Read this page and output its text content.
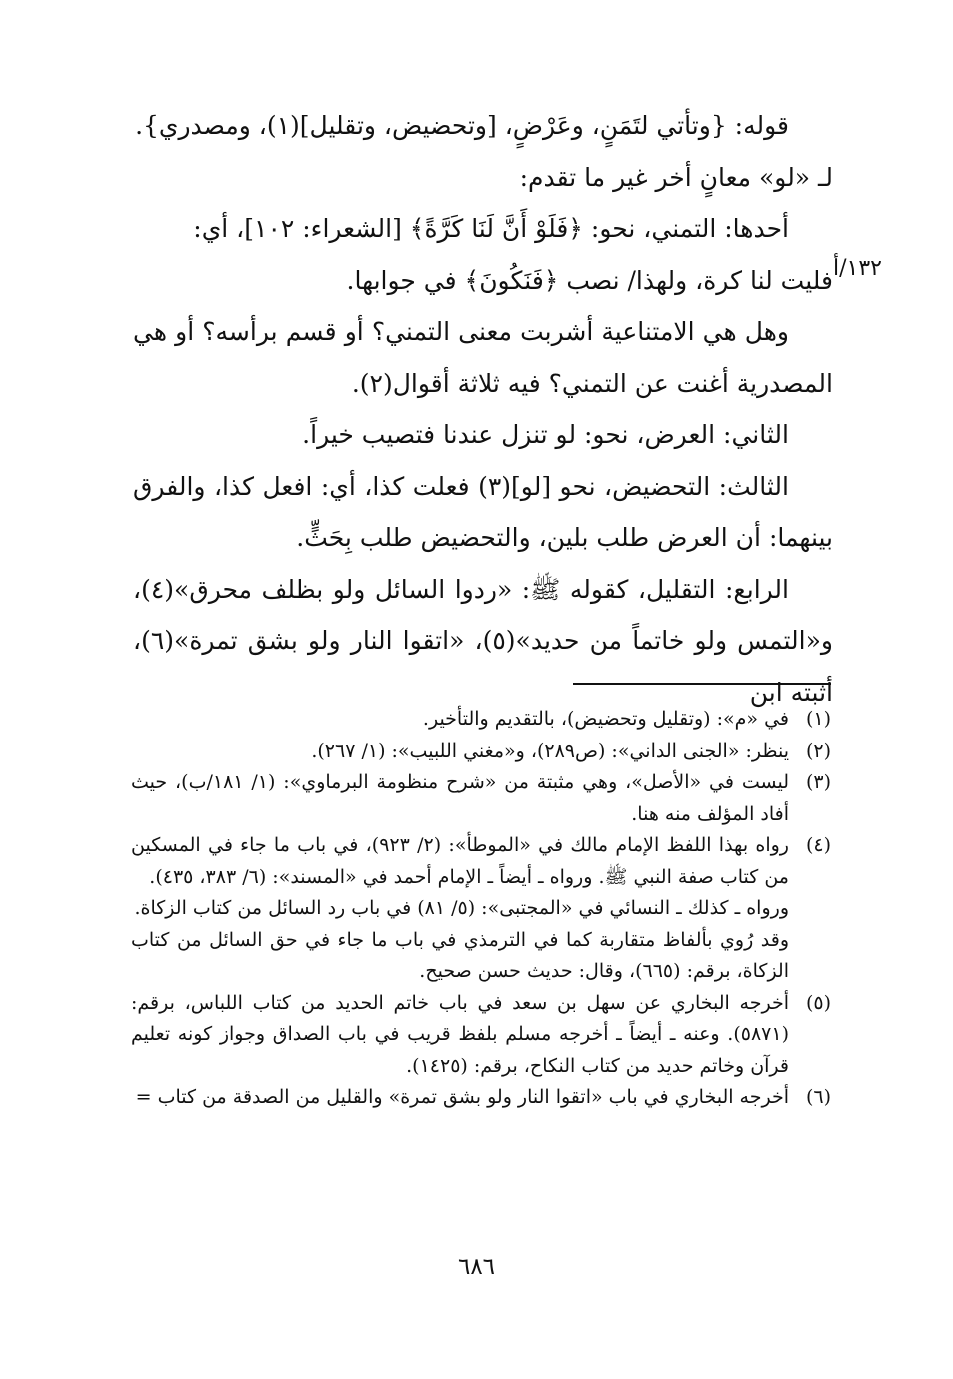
قوله: {وتأتي لتَمَنٍ، وعَرْضٍ، [وتحضيض، وتقليل](١)، ومصدري}.

لـ «لو» معانٍ أخر غير ما تقدم:

أحدها: التمني، نحو: ﴿فَلَوْ أَنَّ لَنَا كَرَّةً﴾ [الشعراء: ١٠٢]، أي:

فليت لنا كرة، ولهذا/ نصب ﴿فَنَكُونَ﴾ في جوابها.

وهل هي الامتناعية أشربت معنى التمني؟ أو قسم برأسه؟ أو هي المصدرية أغنت عن التمني؟ فيه ثلاثة أقوال(٢).

الثاني: العرض، نحو: لو تنزل عندنا فتصيب خيراً.

الثالث: التحضيض، نحو [لو](٣) فعلت كذا، أي: افعل كذا، والفرق بينهما: أن العرض طلب بلين، والتحضيض طلب بِحَثٍّ.

الرابع: التقليل، كقوله ﷺ: «ردوا السائل ولو بظلف محرق»(٤)، و«التمس ولو خاتماً من حديد»(٥)، «اتقوا النار ولو بشق تمرة»(٦)، أثبته ابن

١٣٢/أ
(١)
في «م»: (وتقليل وتحضيض)، بالتقديم والتأخير.
(٢)
ينظر: «الجنى الداني»: (ص٢٨٩)، و«مغني اللبيب»: (١/ ٢٦٧).
(٣)
ليست في «الأصل»، وهي مثبتة من «شرح منظومة البرماوي»: (١/ ١٨١/ب)، حيث أفاد المؤلف منه هنا.
(٤)
رواه بهذا اللفظ الإمام مالك في «الموطأ»: (٢/ ٩٢٣)، في باب ما جاء في المسكين من كتاب صفة النبي ﷺ. ورواه ـ أيضاً ـ الإمام أحمد في «المسند»: (٦/ ٣٨٣، ٤٣٥).
ورواه ـ كذلك ـ النسائي في «المجتبى»: (٥/ ٨١) في باب رد السائل من كتاب الزكاة.
وقد رُوي بألفاظ متقاربة كما في الترمذي في باب ما جاء في حق السائل من كتاب الزكاة، برقم: (٦٦٥)، وقال: حديث حسن صحيح.
(٥)
أخرجه البخاري عن سهل بن سعد في باب خاتم الحديد من كتاب اللباس، برقم: (٥٨٧١). وعنه ـ أيضاً ـ أخرجه مسلم بلفظ قريب في باب الصداق وجواز كونه تعليم قرآن وخاتم حديد من كتاب النكاح، برقم: (١٤٢٥).
(٦)
أخرجه البخاري في باب «اتقوا النار ولو بشق تمرة» والقليل من الصدقة من كتاب =
٦٨٦
